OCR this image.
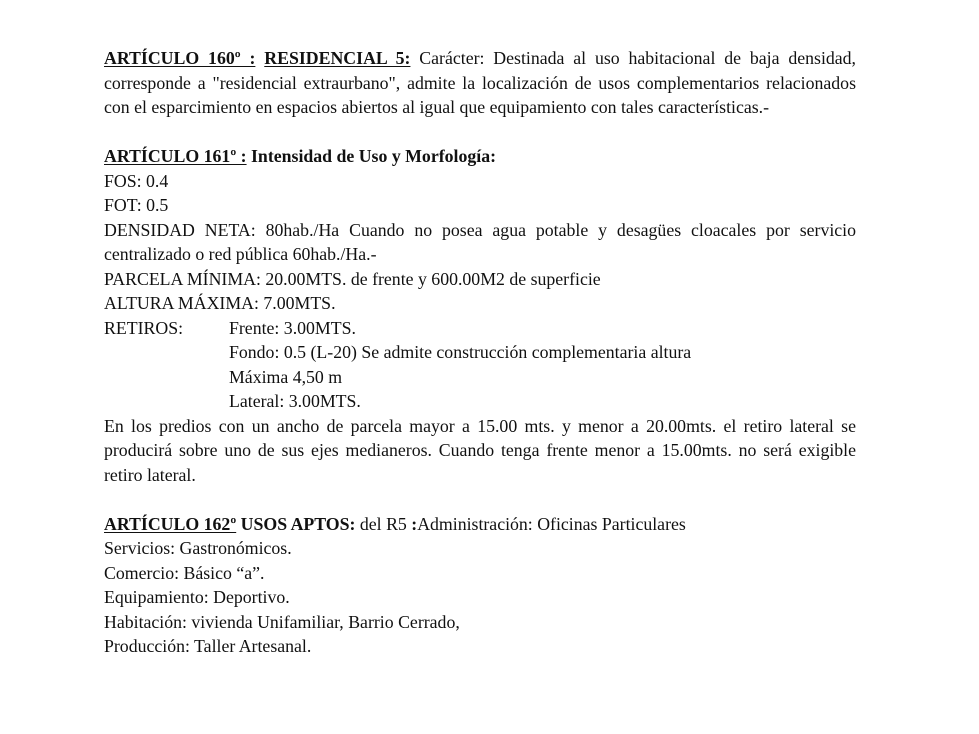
ARTÍCULO 160º : RESIDENCIAL 5: Carácter: Destinada al uso habitacional de baja densidad, corresponde a "residencial extraurbano", admite la localización de usos complementarios relacionados con el esparcimiento en espacios abiertos al igual que equipamiento con tales características.-

ARTÍCULO 161º : Intensidad de Uso y Morfología:

FOS: 0.4

FOT: 0.5

DENSIDAD NETA: 80hab./Ha Cuando no posea agua potable y desagües cloacales por servicio centralizado o red pública 60hab./Ha.-

PARCELA MÍNIMA: 20.00MTS. de frente y 600.00M2 de superficie

ALTURA MÁXIMA: 7.00MTS.

RETIROS:	Frente: 3.00MTS.
Fondo: 0.5 (L-20) Se admite construcción complementaria altura
Máxima 4,50 m
Lateral: 3.00MTS.

En los predios con un ancho de parcela mayor a 15.00 mts. y menor a 20.00mts. el retiro lateral se producirá sobre uno de sus ejes medianeros. Cuando tenga frente menor a 15.00mts. no será exigible retiro lateral.

ARTÍCULO 162º USOS APTOS: del R5 :Administración: Oficinas Particulares

Servicios: Gastronómicos.

Comercio: Básico “a”.

Equipamiento: Deportivo.

Habitación: vivienda Unifamiliar, Barrio Cerrado,

Producción: Taller Artesanal.
